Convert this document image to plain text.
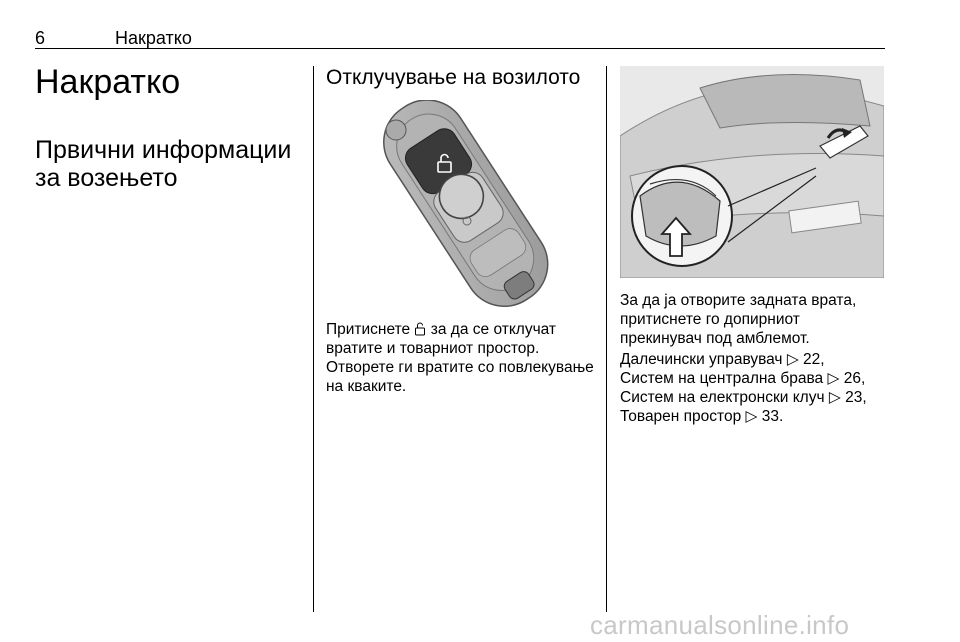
6	Накратко
Накратко
Првични информации за возењето
Отклучување на возилото

Притиснете  за да се отклучат вратите и товарниот простор. Отворете ги вратите со повлекување на кваките.

За да ја отворите задната врата, притиснете го допирниот прекинувач под амблемот.

Далечински управувач ▷ 22, Систем на централна брава ▷ 26, Систем на електронски клуч ▷ 23, Товарен простор ▷ 33.

carmanualsonline.info
